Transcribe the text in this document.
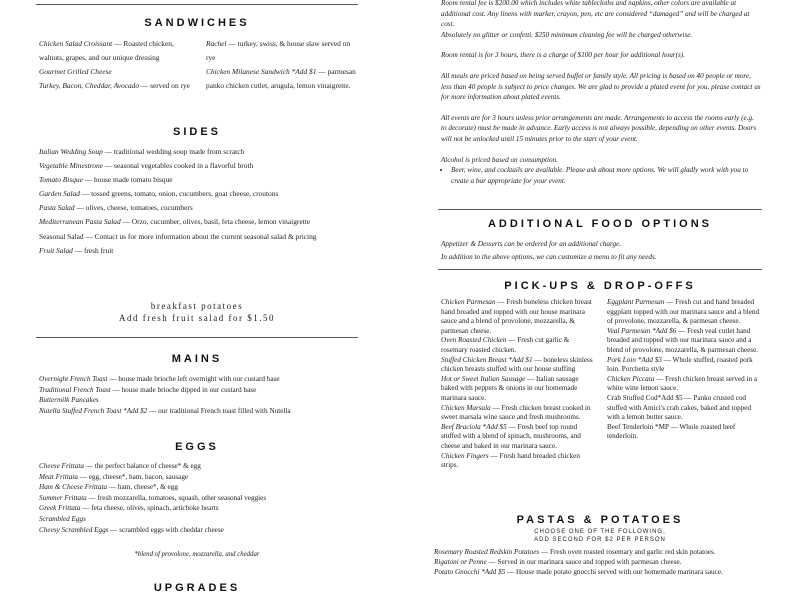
SANDWICHES
Chicken Salad Croissant — Roasted chicken, walnuts, grapes, and our unique dressing
Gourmet Grilled Cheese
Turkey, Bacon, Cheddar, Avocado — served on rye
Rachel — turkey, swiss, & house slaw served on rye
Chicken Milanese Sandwich *Add $1 — parmesan panko chicken cutlet, arugula, lemon vinaigrette.
SIDES
Italian Wedding Soup — traditional wedding soup made from scratch
Vegetable Minestrone — seasonal vegetables cooked in a flavorful broth
Tomato Bisque — house made tomato bisque
Garden Salad — tossed greens, tomato, onion, cucumbers, goat cheese, croutons
Pasta Salad — olives, cheese, tomatoes, cucumbers
Mediterranean Pasta Salad — Orzo, cucumber, olives, basil, feta cheese, lemon vinaigrette
Seasonal Salad — Contact us for more information about the current seasonal salad & pricing
Fruit Salad — fresh fruit
breakfast potatoes
Add fresh fruit salad for $1.50
MAINS
Overnight French Toast — house made brioche left overnight with our custard base
Traditional French Toast — house made brioche dipped in our custard base
Buttermilk Pancakes
Nutella Stuffed French Toast *Add $2 — our traditional French toast filled with Nutella
EGGS
Cheese Frittata — the perfect balance of cheese* & egg
Meat Frittata — egg, cheese*, ham, bacon, sausage
Ham & Cheese Frittata — ham, cheese*, & egg
Summer Frittata — fresh mozzarella, tomatoes, squash, other seasonal veggies
Greek Frittata — feta cheese, olives, spinach, artichoke hearts
Scrambled Eggs
Cheesy Scrambled Eggs — scrambled eggs with cheddar cheese
*blend of provolone, mozzarella, and cheddar
UPGRADES
Room rental fee is $200.00 which includes white tablecloths and napkins, other colors are available at additional cost. Any linens with marker, crayon, pen, etc are considered “damaged” and will be charged at cost.
Absolutely no glitter or confetti. $250 minimum cleaning fee will be charged otherwise.
Room rental is for 3 hours, there is a charge of $100 per hour for additional hour(s).
All meals are priced based on being served buffet or family style. All pricing is based on 40 people or more, less than 40 people is subject to price changes. We are glad to provide a plated event for you, please contact us for more information about plated events.
All events are for 3 hours unless prior arrangements are made. Arrangements to access the rooms early (e.g. to decorate) must be made in advance. Early access is not always possible, depending on other events. Doors will not be unlocked until 15 minutes prior to the start of your event.
Alcohol is priced based on consumption.
• Beer, wine, and cocktails are available. Please ask about more options. We will gladly work with you to create a bar appropriate for your event.
ADDITIONAL FOOD OPTIONS
Appetizer & Desserts can be ordered for an additional charge.
In addition to the above options, we can customize a menu to fit any needs.
PICK-UPS & DROP-OFFS
Chicken Parmesan — Fresh boneless chicken breast hand breaded and topped with our house marinara sauce and a blend of provolone, mozzarella, & parmesan cheese.
Oven Roasted Chicken — Fresh cut garlic & rosemary roasted chicken.
Stuffed Chicken Breast *Add $1 — boneless skinless chicken breasts stuffed with our house stuffing
Hot or Sweet Italian Sausage — Italian sausage baked with peppers & onions in our homemade marinara sauce.
Chicken Marsala — Fresh chicken breast cooked in sweet marsala wine sauce and fresh mushrooms.
Beef Braciola *Add $5 — Fresh beef top round stuffed with a blend of spinach, mushrooms, and cheese and baked in our marinara sauce.
Chicken Fingers — Fresh hand breaded chicken strips.
Eggplant Parmesan — Fresh cut and hand breaded eggplant topped with our marinara sauce and a blend of provolone, mozzarella, & parmesan cheese.
Veal Parmesan *Add $6 — Fresh veal cutlet hand breaded and topped with our marinara sauce and a blend of provolone, mozzarella, & parmesan cheese.
Pork Loin *Add $3 — Whole stuffed, roasted pork loin. Porchetta style
Chicken Piccata — Fresh chicken breast served in a white wine lemon sauce.
Crab Stuffed Cod*Add $5 — Panko crusted cod stuffed with Amici's crab cakes, baked and topped with a lemon butter sauce.
Beef Tenderloin *MP — Whole roasted beef tenderloin.
PASTAS & POTATOES
CHOOSE ONE OF THE FOLLOWING,
ADD SECOND FOR $2 PER PERSON
Rosemary Roasted Redskin Potatoes — Fresh oven roasted rosemary and garlic red skin potatoes.
Rigatoni or Penne — Served in our marinara sauce and topped with parmesan cheese.
Potato Gnocchi *Add $5 — House made potato gnocchi served with our homemade marinara sauce.
